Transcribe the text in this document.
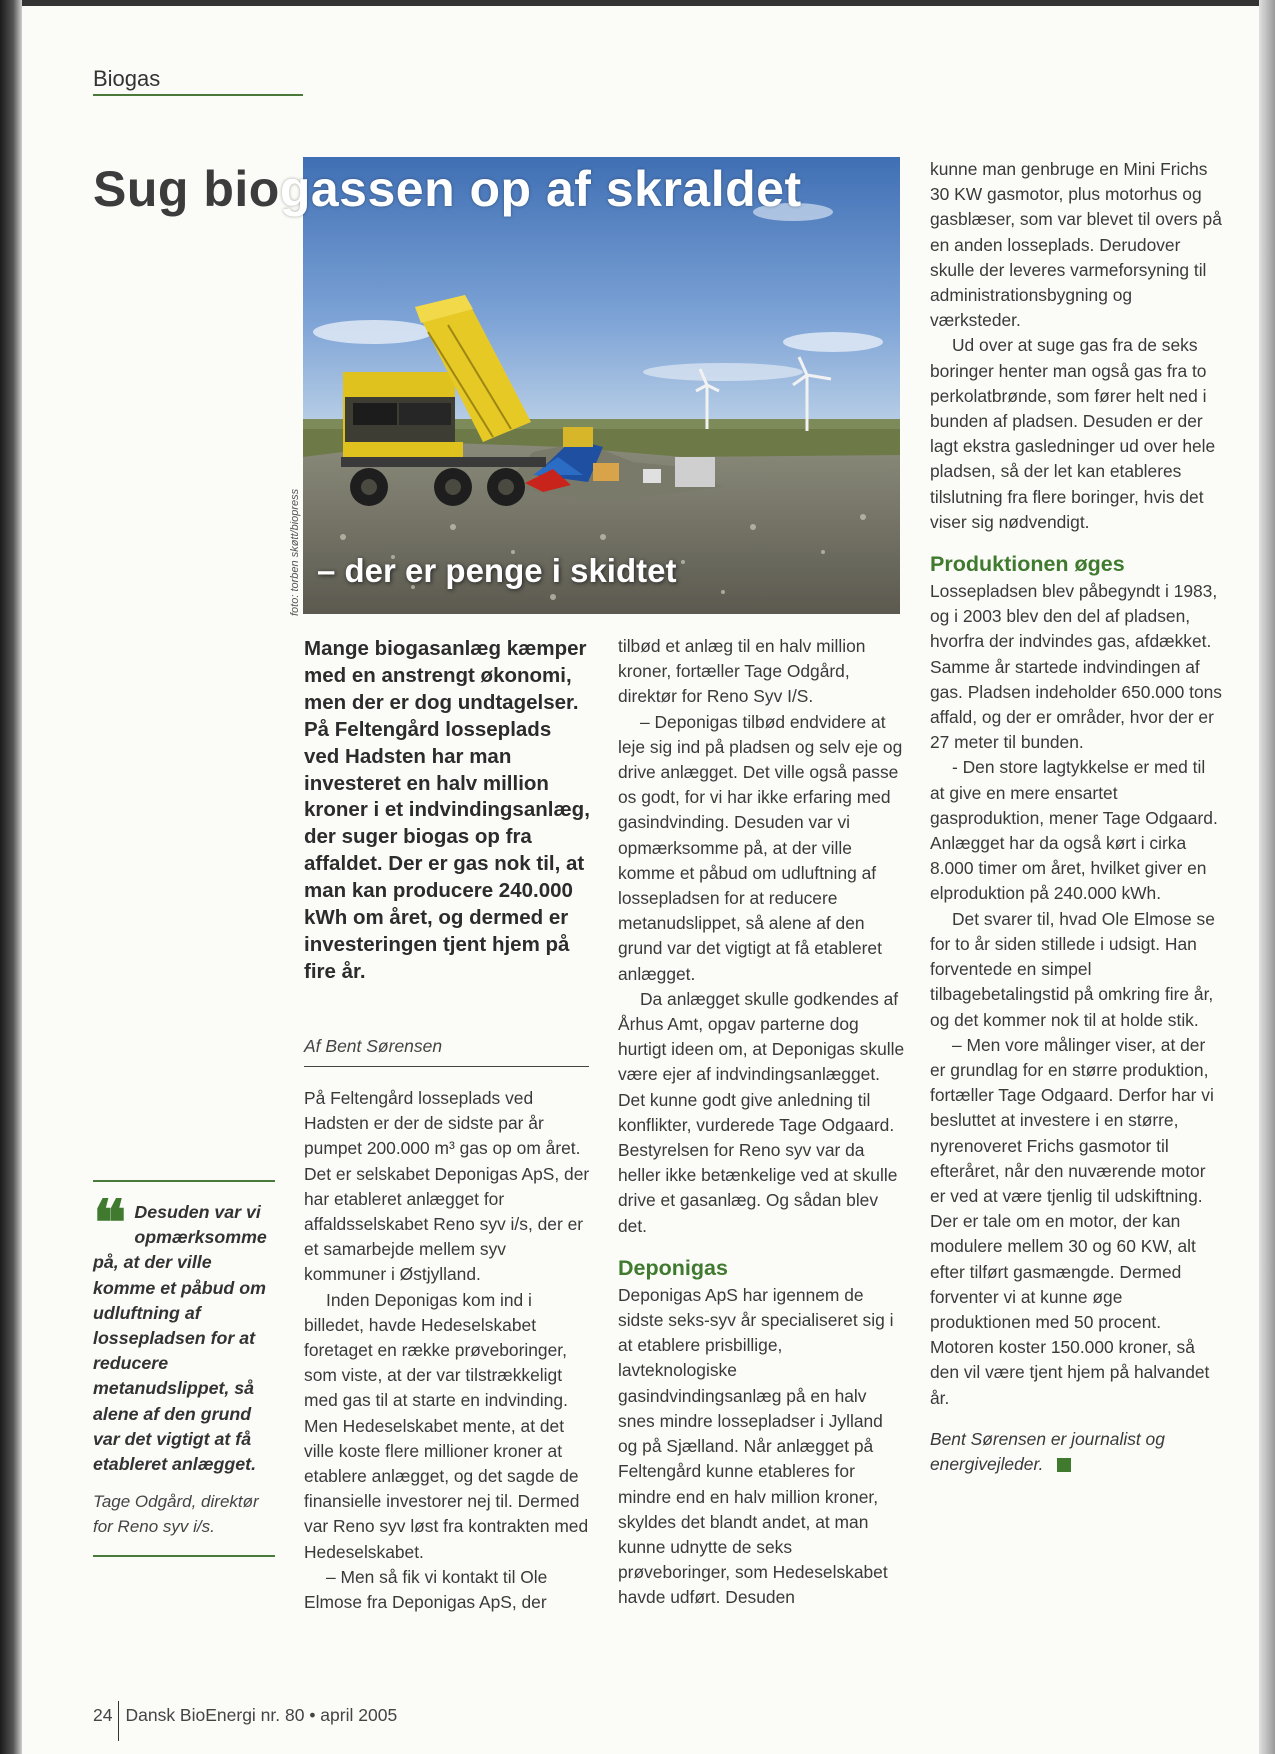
Biogas
Sug biogassen op af skraldet
– der er penge i skidtet
foto: torben skøtt/biopress
Mange biogasanlæg kæmper med en anstrengt økonomi, men der er dog undtagelser. På Feltengård losseplads ved Hadsten har man investeret en halv million kroner i et indvindingsanlæg, der suger biogas op fra affaldet. Der er gas nok til, at man kan producere 240.000 kWh om året, og dermed er investeringen tjent hjem på fire år.
Af Bent Sørensen

På Feltengård losseplads ved Hadsten er der de sidste par år pumpet 200.000 m³ gas op om året. Det er selskabet Deponigas ApS, der har etableret anlægget for affaldsselskabet Reno syv i/s, der er et samarbejde mellem syv kommuner i Østjylland.

Inden Deponigas kom ind i billedet, havde Hedeselskabet foretaget en række prøveboringer, som viste, at der var tilstrækkeligt med gas til at starte en indvinding. Men Hedeselskabet mente, at det ville koste flere millioner kroner at etablere anlægget, og det sagde de finansielle investorer nej til. Dermed var Reno syv løst fra kontrakten med Hedeselskabet.

– Men så fik vi kontakt til Ole Elmose fra Deponigas ApS, der

tilbød et anlæg til en halv million kroner, fortæller Tage Odgård, direktør for Reno Syv I/S.

– Deponigas tilbød endvidere at leje sig ind på pladsen og selv eje og drive anlægget. Det ville også passe os godt, for vi har ikke erfaring med gasindvinding. Desuden var vi opmærksomme på, at der ville komme et påbud om udluftning af lossepladsen for at reducere metanudslippet, så alene af den grund var det vigtigt at få etableret anlægget.

Da anlægget skulle godkendes af Århus Amt, opgav parterne dog hurtigt ideen om, at Deponigas skulle være ejer af indvindingsanlægget. Det kunne godt give anledning til konflikter, vurderede Tage Odgaard. Bestyrelsen for Reno syv var da heller ikke betænkelige ved at skulle drive et gasanlæg. Og sådan blev det.

Deponigas

Deponigas ApS har igennem de sidste seks-syv år specialiseret sig i at etablere prisbillige, lavteknologiske gasindvindingsanlæg på en halv snes mindre lossepladser i Jylland og på Sjælland. Når anlægget på Feltengård kunne etableres for mindre end en halv million kroner, skyldes det blandt andet, at man kunne udnytte de seks prøveboringer, som Hedeselskabet havde udført. Desuden

kunne man genbruge en Mini Frichs 30 KW gasmotor, plus motorhus og gasblæser, som var blevet til overs på en anden losseplads. Derudover skulle der leveres varmeforsyning til administrationsbygning og værksteder.

Ud over at suge gas fra de seks boringer henter man også gas fra to perkolatbrønde, som fører helt ned i bunden af pladsen. Desuden er der lagt ekstra gasledninger ud over hele pladsen, så der let kan etableres tilslutning fra flere boringer, hvis det viser sig nødvendigt.

Produktionen øges

Lossepladsen blev påbegyndt i 1983, og i 2003 blev den del af pladsen, hvorfra der indvindes gas, afdækket. Samme år startede indvindingen af gas. Pladsen indeholder 650.000 tons affald, og der er områder, hvor der er 27 meter til bunden.

- Den store lagtykkelse er med til at give en mere ensartet gasproduktion, mener Tage Odgaard. Anlægget har da også kørt i cirka 8.000 timer om året, hvilket giver en elproduktion på 240.000 kWh.

Det svarer til, hvad Ole Elmose se for to år siden stillede i udsigt. Han forventede en simpel tilbagebetalingstid på omkring fire år, og det kommer nok til at holde stik.

– Men vore målinger viser, at der er grundlag for en større produktion, fortæller Tage Odgaard. Derfor har vi besluttet at investere i en større, nyrenoveret Frichs gasmotor til efteråret, når den nuværende motor er ved at være tjenlig til udskiftning. Der er tale om en motor, der kan modulere mellem 30 og 60 KW, alt efter tilført gasmængde. Dermed forventer vi at kunne øge produktionen med 50 procent. Motoren koster 150.000 kroner, så den vil være tjent hjem på halvandet år.

Bent Sørensen er journalist og energivejleder.

❝ Desuden var vi opmærksomme på, at der ville komme et påbud om udluftning af lossepladsen for at reducere metanudslippet, så alene af den grund var det vigtigt at få etableret anlægget.
Tage Odgård, direktør for Reno syv i/s.
24 Dansk BioEnergi nr. 80 • april 2005
